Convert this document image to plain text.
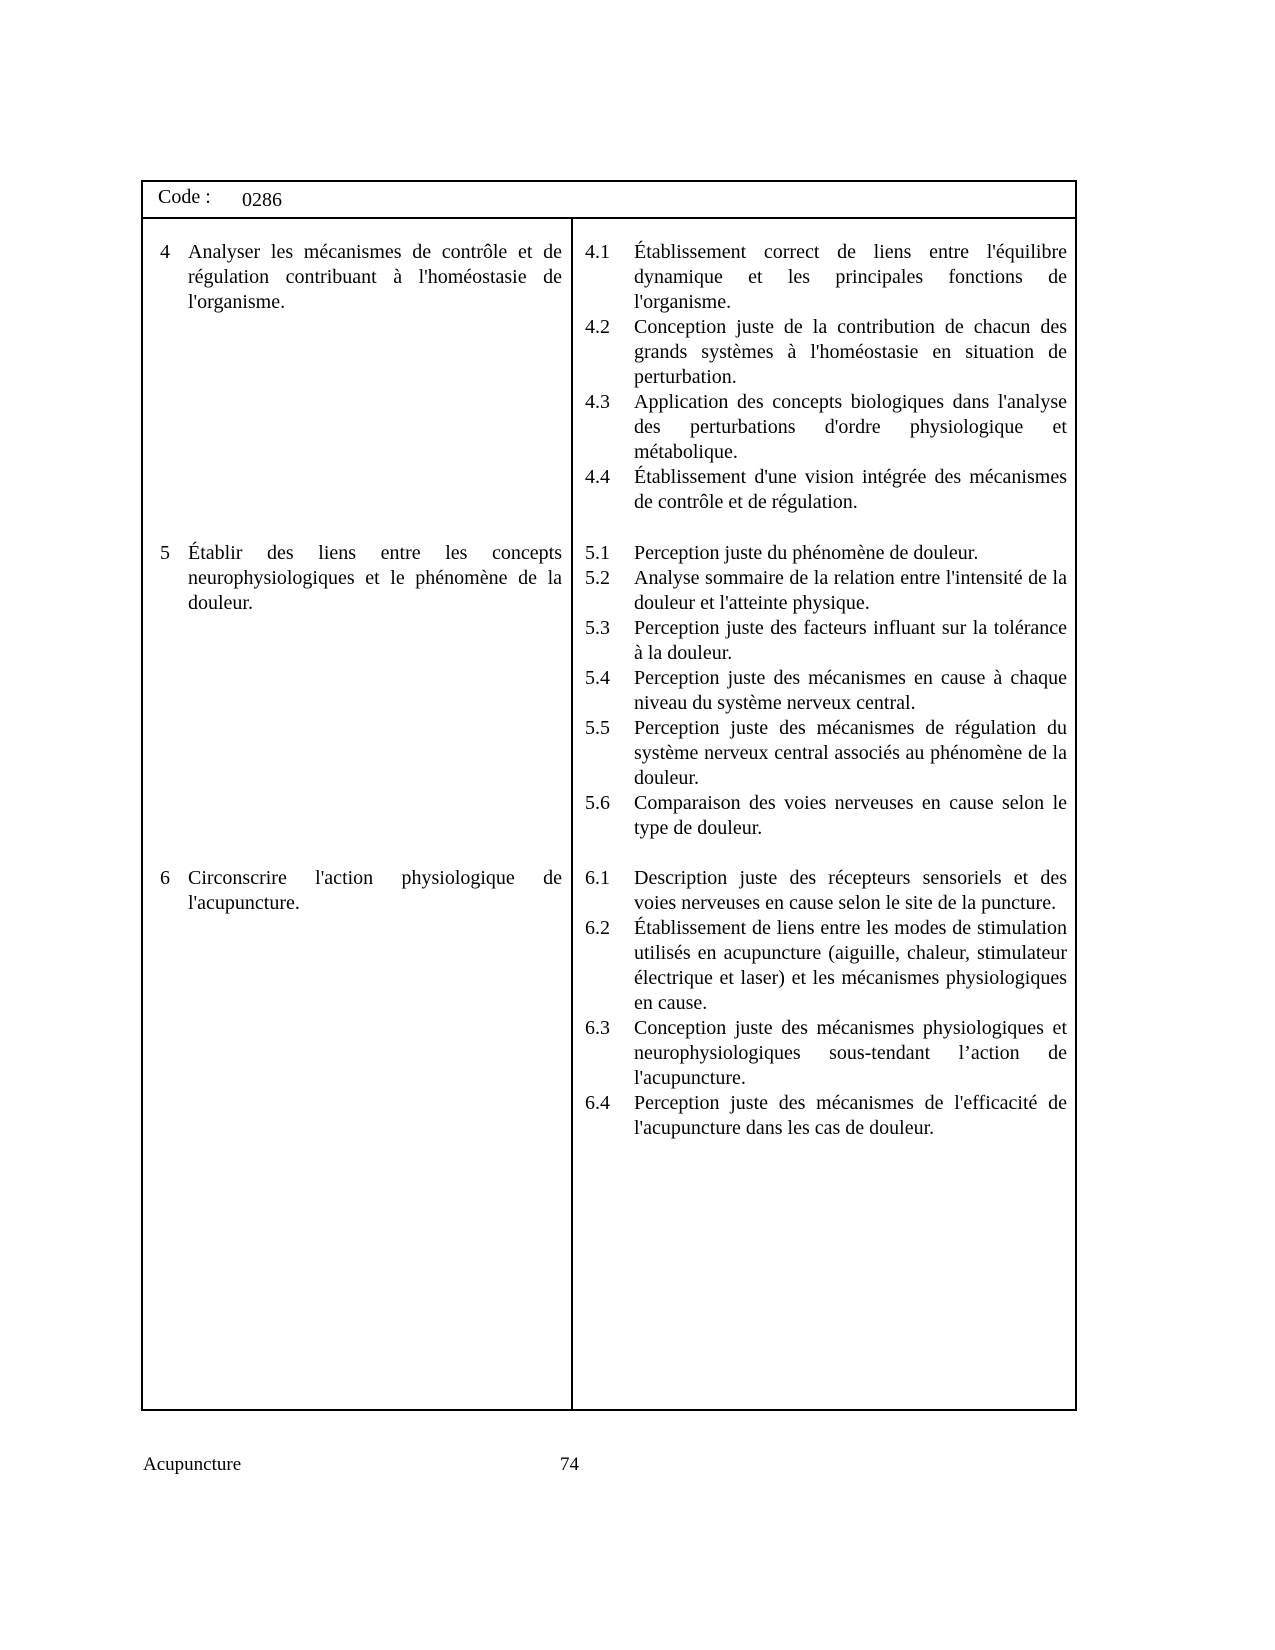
Code : 0286
4 Analyser les mécanismes de contrôle et de régulation contribuant à l'homéostasie de l'organisme.
4.1	Établissement correct de liens entre l'équilibre dynamique et les principales fonctions de l'organisme.
4.2	Conception juste de la contribution de chacun des grands systèmes à l'homéostasie en situation de perturbation.
4.3	Application des concepts biologiques dans l'analyse des perturbations d'ordre physiologique et métabolique.
4.4	Établissement d'une vision intégrée des mécanismes de contrôle et de régulation.
5 Établir des liens entre les concepts neurophysiologiques et le phénomène de la douleur.
5.1	Perception juste du phénomène de douleur.
5.2	Analyse sommaire de la relation entre l'intensité de la douleur et l'atteinte physique.
5.3	Perception juste des facteurs influant sur la tolérance à la douleur.
5.4	Perception juste des mécanismes en cause à chaque niveau du système nerveux central.
5.5	Perception juste des mécanismes de régulation du système nerveux central associés au phénomène de la douleur.
5.6	Comparaison des voies nerveuses en cause selon le type de douleur.
6 Circonscrire l'action physiologique de l'acupuncture.
6.1	Description juste des récepteurs sensoriels et des voies nerveuses en cause selon le site de la puncture.
6.2	Établissement de liens entre les modes de stimulation utilisés en acupuncture (aiguille, chaleur, stimulateur électrique et laser) et les mécanismes physiologiques en cause.
6.3	Conception juste des mécanismes physiologiques et neurophysiologiques sous-tendant l’action de l'acupuncture.
6.4	Perception juste des mécanismes de l'efficacité de l'acupuncture dans les cas de douleur.
Acupuncture	74
